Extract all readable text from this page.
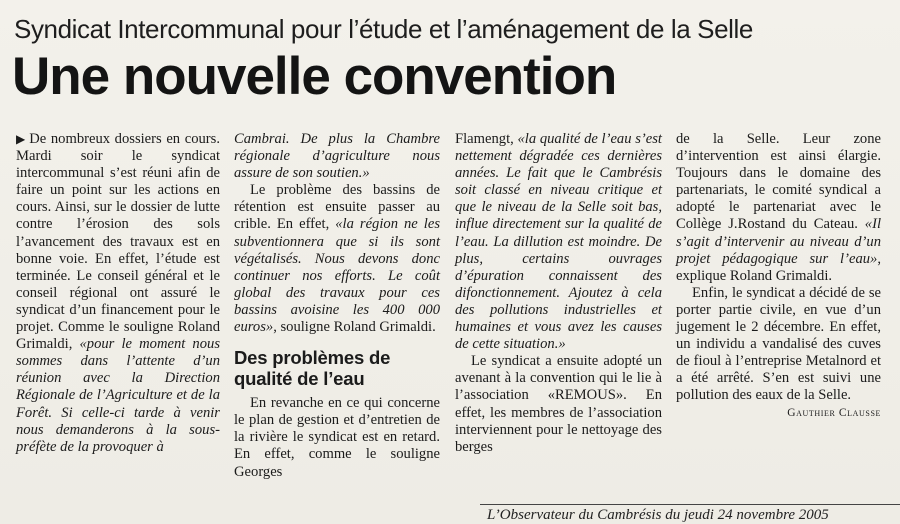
Syndicat Intercommunal pour l’étude et l’aménagement de la Selle
Une nouvelle convention

▶ De nombreux dossiers en cours. Mardi soir le syndicat intercommunal s’est réuni afin de faire un point sur les actions en cours. Ainsi, sur le dossier de lutte contre l’érosion des sols l’avancement des travaux est en bonne voie. En effet, l’étude est terminée. Le conseil général et le conseil régional ont assuré le syndicat d’un financement pour le projet. Comme le souligne Roland Grimaldi, «pour le moment nous sommes dans l’attente d’un réunion avec la Direction Régionale de l’Agriculture et de la Forêt. Si celle-ci tarde à venir nous demanderons à la sous-préfète de la provoquer à

Cambrai. De plus la Chambre régionale d’agriculture nous assure de son soutien.»

Le problème des bassins de rétention est ensuite passer au crible. En effet, «la région ne les subventionnera que si ils sont végétalisés. Nous devons donc continuer nos efforts. Le coût global des travaux pour ces bassins avoisine les 400 000 euros», souligne Roland Grimaldi.

Des problèmes de qualité de l’eau

En revanche en ce qui concerne le plan de gestion et d’entretien de la rivière le syndicat est en retard. En effet, comme le souligne Georges

Flamengt, «la qualité de l’eau s’est nettement dégradée ces dernières années. Le fait que le Cambrésis soit classé en niveau critique et que le niveau de la Selle soit bas, influe directement sur la qualité de l’eau. La dillution est moindre. De plus, certains ouvrages d’épuration connaissent des difonctionnement. Ajoutez à cela des pollutions industrielles et humaines et vous avez les causes de cette situation.»

Le syndicat a ensuite adopté un avenant à la convention qui le lie à l’association «REMOUS». En effet, les membres de l’association interviennent pour le nettoyage des berges

de la Selle. Leur zone d’intervention est ainsi élargie. Toujours dans le domaine des partenariats, le comité syndical a adopté le partenariat avec le Collège J.Rostand du Cateau. «Il s’agit d’intervenir au niveau d’un projet pédagogique sur l’eau», explique Roland Grimaldi.

Enfin, le syndicat a décidé de se porter partie civile, en vue d’un jugement le 2 décembre. En effet, un individu a vandalisé des cuves de fioul à l’entreprise Metalnord et a été arrêté. S’en est suivi une pollution des eaux de la Selle.

Gauthier Clausse

L’Observateur du Cambrésis du jeudi 24 novembre 2005
